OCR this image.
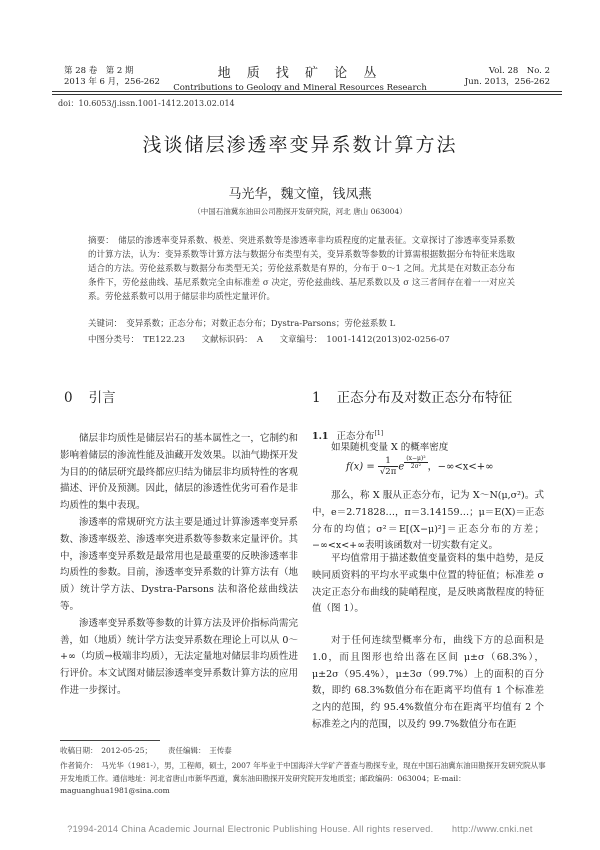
第 28 卷　第 2 期
2013 年 6 月，256-262
地 质 找 矿 论 丛
Contributions to Geology and Mineral Resources Research
Vol. 28　No. 2
Jun. 2013，256-262
doi：10.6053/j.issn.1001-1412.2013.02.014
浅谈储层渗透率变异系数计算方法
马光华，魏文憧，钱凤燕
（中国石油冀东油田公司勘探开发研究院，河北 唐山 063004）
摘要：　储层的渗透率变异系数、极差、突进系数等是渗透率非均质程度的定量表征。文章探讨了渗透率变异系数的计算方法，认为：变异系数等计算方法与数据分布类型有关，变异系数等参数的计算需根据数据分布特征来选取适合的方法。劳伦兹系数与数据分布类型无关；劳伦兹系数是有界的，分布于 0～1 之间。尤其是在对数正态分布条件下，劳伦兹曲线、基尼系数完全由标准差 σ 决定，劳伦兹曲线、基尼系数以及 σ 这三者间存在着一一对应关系。劳伦兹系数可以用于储层非均质性定量评价。
关键词：　变异系数；正态分布；对数正态分布；Dystra-Parsons；劳伦兹系数 L
中图分类号：　TE122.23 文献标识码：　A 文章编号：　1001-1412(2013)02-0256-07
0 引言	1 正态分布及对数正态分布特征

储层非均质性是储层岩石的基本属性之一，它制约和影响着储层的渗流性能及油藏开发效果。以油气勘探开发为目的的储层研究最终都应归结为储层非均质特性的客观描述、评价及预测。因此，储层的渗透性优劣可看作是非均质性的集中表现。

渗透率的常规研究方法主要是通过计算渗透率变异系数、渗透率级差、渗透率突进系数等参数来定量评价。其中，渗透率变异系数是最常用也是最重要的反映渗透率非均质性的参数。目前，渗透率变异系数的计算方法有（地质）统计学方法、Dystra-Parsons 法和洛伦兹曲线法等。

渗透率变异系数等参数的计算方法及评价指标尚需完善，如（地质）统计学方法变异系数在理论上可以从 0～+∞（均质→极端非均质），无法定量地对储层非均质性进行评价。本文试图对储层渗透率变异系数计算方法的应用作进一步探讨。

1.1 正态分布[1]
如果随机变量 X 的概率密度
$f(x) = \frac{1}{√2\pi}$ e $^{\frac{\text{(x−μ)²}}{\text{2σ²}}}$ ，−∞<x<+∞

那么，称 X 服从正态分布，记为 X～N(μ,σ²)。式中，e＝2.71828…，π＝3.14159…；μ＝E(X)＝正态分布的均值；σ²＝E[(X−μ)²]＝正态分布的方差；−∞<x<+∞表明该函数对一切实数有定义。

平均值常用于描述数值变量资料的集中趋势，是反映同质资料的平均水平或集中位置的特征值；标准差 σ 决定正态分布曲线的陡峭程度，是反映离散程度的特征值（图 1）。

对于任何连续型概率分布，曲线下方的总面积是 1.0，而且图形也给出落在区间 μ±σ（68.3%），μ±2σ（95.4%），μ±3σ（99.7%）上的面积的百分数，即约 68.3%数值分布在距离平均值有 1 个标准差之内的范围，约 95.4%数值分布在距离平均值有 2 个标准差之内的范围，以及约 99.7%数值分布在距

收稿日期：　2012-05-25； 责任编辑：　王传泰
作者简介：　马光华（1981-），男，工程师，硕士，2007 年毕业于中国海洋大学矿产普查与勘探专业，现在中国石油冀东油田勘探开发研究院从事开发地质工作。通信地址：河北省唐山市新华西道，冀东油田勘探开发研究院开发地质室；邮政编码：063004；E-mail：maguanghua1981@sina.com
?1994-2014 China Academic Journal Electronic Publishing House. All rights reserved.　　http://www.cnki.net
